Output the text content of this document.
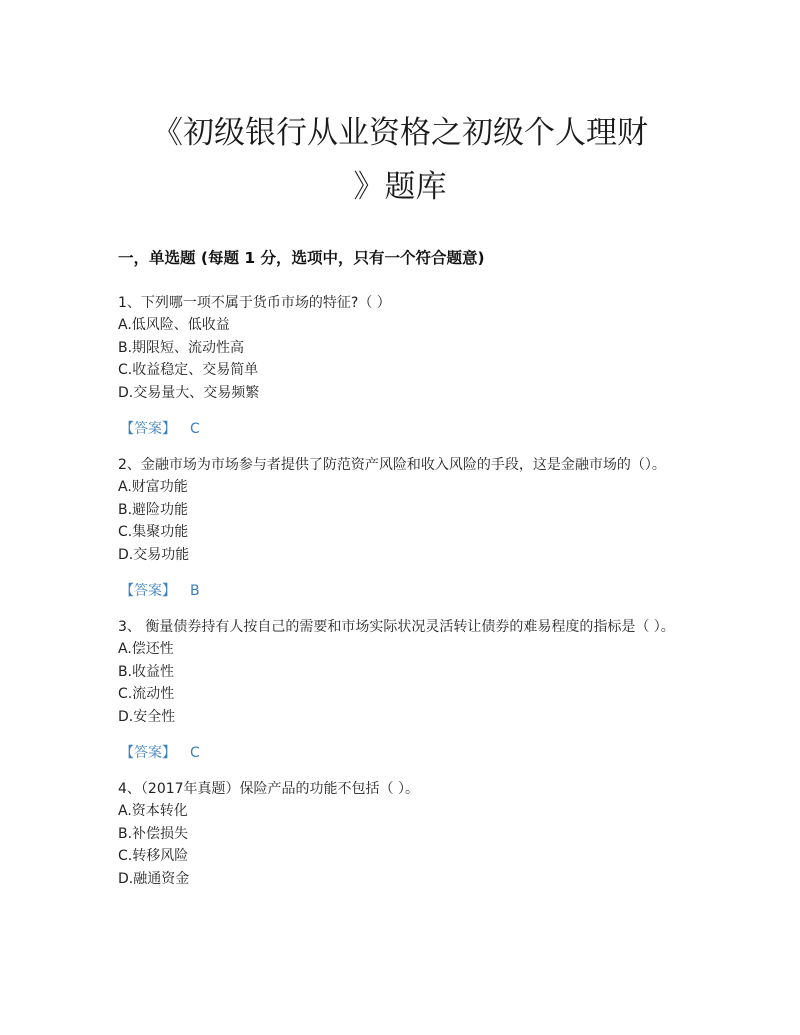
《初级银行从业资格之初级个人理财
》题库
一，单选题 (每题 1 分，选项中，只有一个符合题意)

1、下列哪一项不属于货币市场的特征?（ ）

A.低风险、低收益

B.期限短、流动性高

C.收益稳定、交易简单

D.交易量大、交易频繁

【答案】 C

2、金融市场为市场参与者提供了防范资产风险和收入风险的手段，这是金融市场的（）。

A.财富功能

B.避险功能

C.集聚功能

D.交易功能

【答案】 B

3、 衡量债券持有人按自己的需要和市场实际状况灵活转让债券的难易程度的指标是（ ）。

A.偿还性

B.收益性

C.流动性

D.安全性

【答案】 C

4、（2017年真题）保险产品的功能不包括（ ）。

A.资本转化

B.补偿损失

C.转移风险

D.融通资金
